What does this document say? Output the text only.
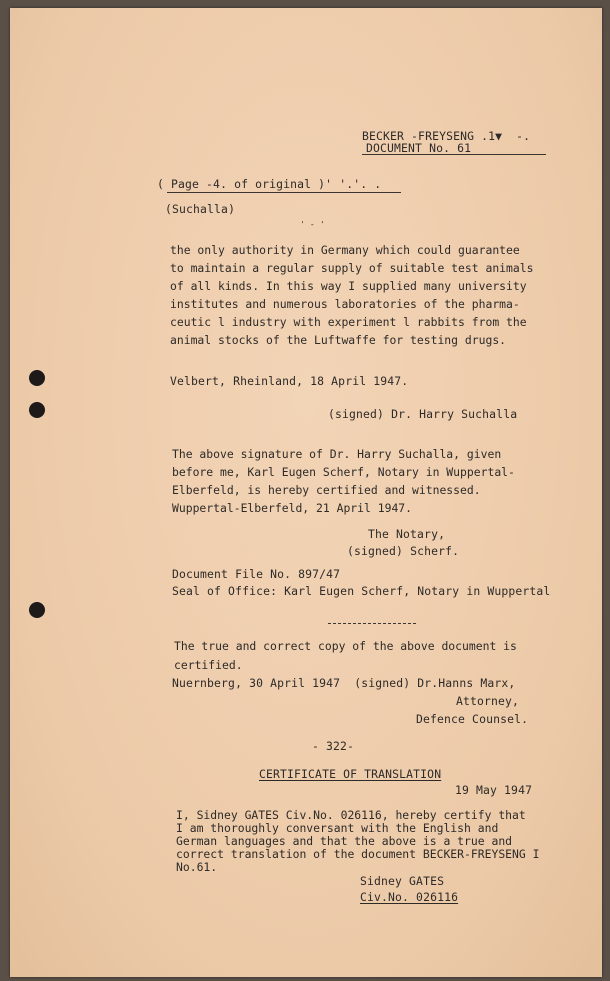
BECKER -FREYSENG .1▼  -.
DOCUMENT No. 61
( Page -4. of original )' '.'. .
(Suchalla)
' - '
the only authority in Germany which could guarantee
to maintain a regular supply of suitable test animals
of all kinds. In this way I supplied many university
institutes and numerous laboratories of the pharma-
ceutic l industry with experiment l rabbits from the
animal stocks of the Luftwaffe for testing drugs.
Velbert, Rheinland, 18 April 1947.
(signed) Dr. Harry Suchalla
The above signature of Dr. Harry Suchalla, given
before me, Karl Eugen Scherf, Notary in Wuppertal-
Elberfeld, is hereby certified and witnessed.
Wuppertal-Elberfeld, 21 April 1947.
The Notary,
(signed) Scherf.
Document File No. 897/47
Seal of Office: Karl Eugen Scherf, Notary in Wuppertal
The true and correct copy of the above document is
certified.
Nuernberg, 30 April 1947  (signed) Dr.Hanns Marx,
Attorney,
Defence Counsel.
- 322-
CERTIFICATE OF TRANSLATION
19 May 1947
I, Sidney GATES Civ.No. 026116, hereby certify that
I am thoroughly conversant with the English and
German languages and that the above is a true and
correct translation of the document BECKER-FREYSENG I
No.61.
Sidney GATES
Civ.No. 026116
